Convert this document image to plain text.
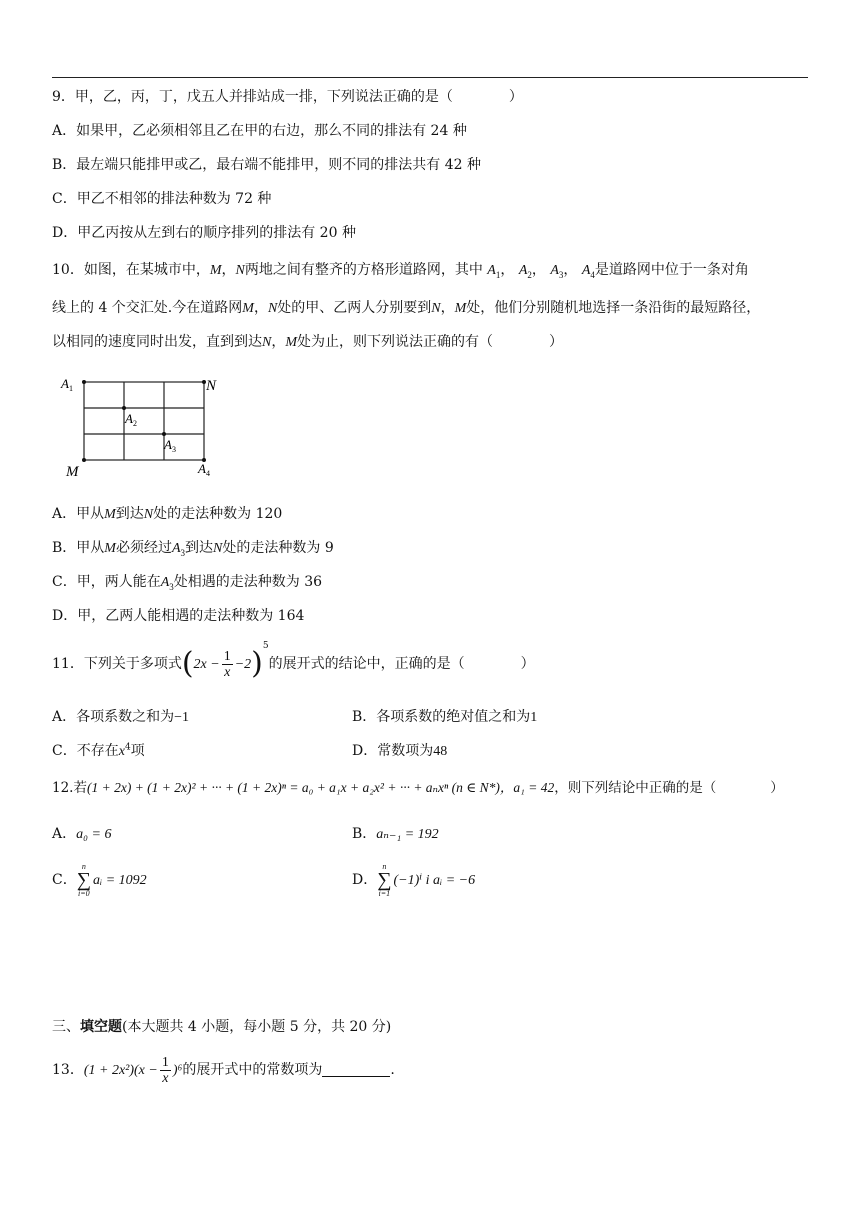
9．甲，乙，丙，丁，戊五人并排站成一排，下列说法正确的是（　　　　）
A．如果甲，乙必须相邻且乙在甲的右边，那么不同的排法有 24 种
B．最左端只能排甲或乙，最右端不能排甲，则不同的排法共有 42 种
C．甲乙不相邻的排法种数为 72 种
D．甲乙丙按从左到右的顺序排列的排法有 20 种
10．如图，在某城市中，M，N两地之间有整齐的方格形道路网，其中 $A_1$， $A_2$， $A_3$， $A_4$是道路网中位于一条对角
线上的 4 个交汇处.今在道路网M，N处的甲、乙两人分别要到N，M处，他们分别随机地选择一条沿街的最短路径，
以相同的速度同时出发，直到到达N，M处为止，则下列说法正确的有（　　　　）
$A_1$	N
$A_2$
$A_3$
M	$A_4$
A．甲从M到达N处的走法种数为 120
B．甲从M必须经过$A_3$到达N处的走法种数为 9
C．甲，两人能在$A_3$处相遇的走法种数为 36
D．甲，乙两人能相遇的走法种数为 164
11．下列关于多项式$(2x - \frac{1}{x} -2)^5$的展开式的结论中，正确的是（　　　　）
A．各项系数之和为−1	B．各项系数的绝对值之和为1
C．不存在$x^4$项	D．常数项为48
12.若(1 + 2x) + (1 + 2x)² + ··· + (1 + 2x)ⁿ = a₀ + a₁x + a₂x² + ··· + aₙxⁿ (n ∈ N*)，a₁ = 42，则下列结论中正确的是（　　　　）
A．a₀ = 6	B．aₙ₋₁ = 192
C．
n
∑
i=0
aᵢ = 1092	D．
n
∑
i=1
(−1)ⁱ i aᵢ = −6
三、填空题(本大题共 4 小题，每小题 5 分，共 20 分)
13．$(1 + 2x^2)(x - \frac{1}{x} )^6$的展开式中的常数项为	.
